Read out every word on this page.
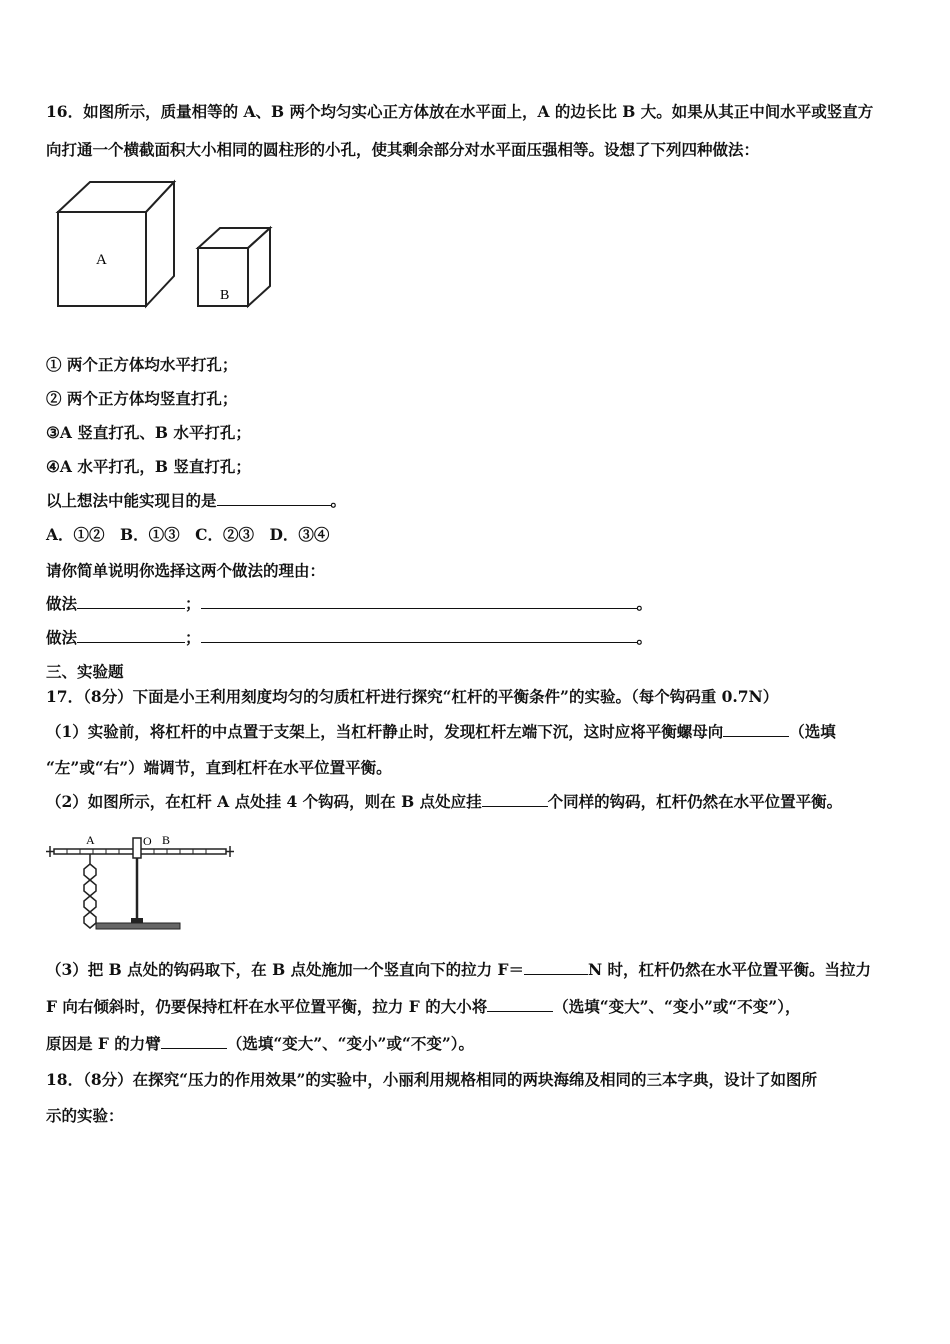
16．如图所示，质量相等的 A、B 两个均匀实心正方体放在水平面上，A 的边长比 B 大。如果从其正中间水平或竖直方
向打通一个横截面积大小相同的圆柱形的小孔，使其剩余部分对水平面压强相等。设想了下列四种做法：
A
B
① 两个正方体均水平打孔；
② 两个正方体均竖直打孔；
③A 竖直打孔、B 水平打孔；
④A 水平打孔，B 竖直打孔；
以上想法中能实现目的是	。
A．①②　B．①③　C．②③　D．③④
请你简单说明你选择这两个做法的理由：
做法	；	。
做法	；	。
三、实验题
17．（8分）下面是小王利用刻度均匀的匀质杠杆进行探究“杠杆的平衡条件”的实验。（每个钩码重 0.7N）
（1）实验前，将杠杆的中点置于支架上，当杠杆静止时，发现杠杆左端下沉，这时应将平衡螺母向	（选填
“左”或“右”）端调节，直到杠杆在水平位置平衡。
（2）如图所示，在杠杆 A 点处挂 4 个钩码，则在 B 点处应挂	个同样的钩码，杠杆仍然在水平位置平衡。
A	O B
（3）把 B 点处的钩码取下，在 B 点处施加一个竖直向下的拉力 F＝	N 时，杠杆仍然在水平位置平衡。当拉力
F 向右倾斜时，仍要保持杠杆在水平位置平衡，拉力 F 的大小将	（选填“变大”、“变小”或“不变”），
原因是 F 的力臂	（选填“变大”、“变小”或“不变”）。
18．（8分）在探究“压力的作用效果”的实验中，小丽利用规格相同的两块海绵及相同的三本字典，设计了如图所
示的实验：
